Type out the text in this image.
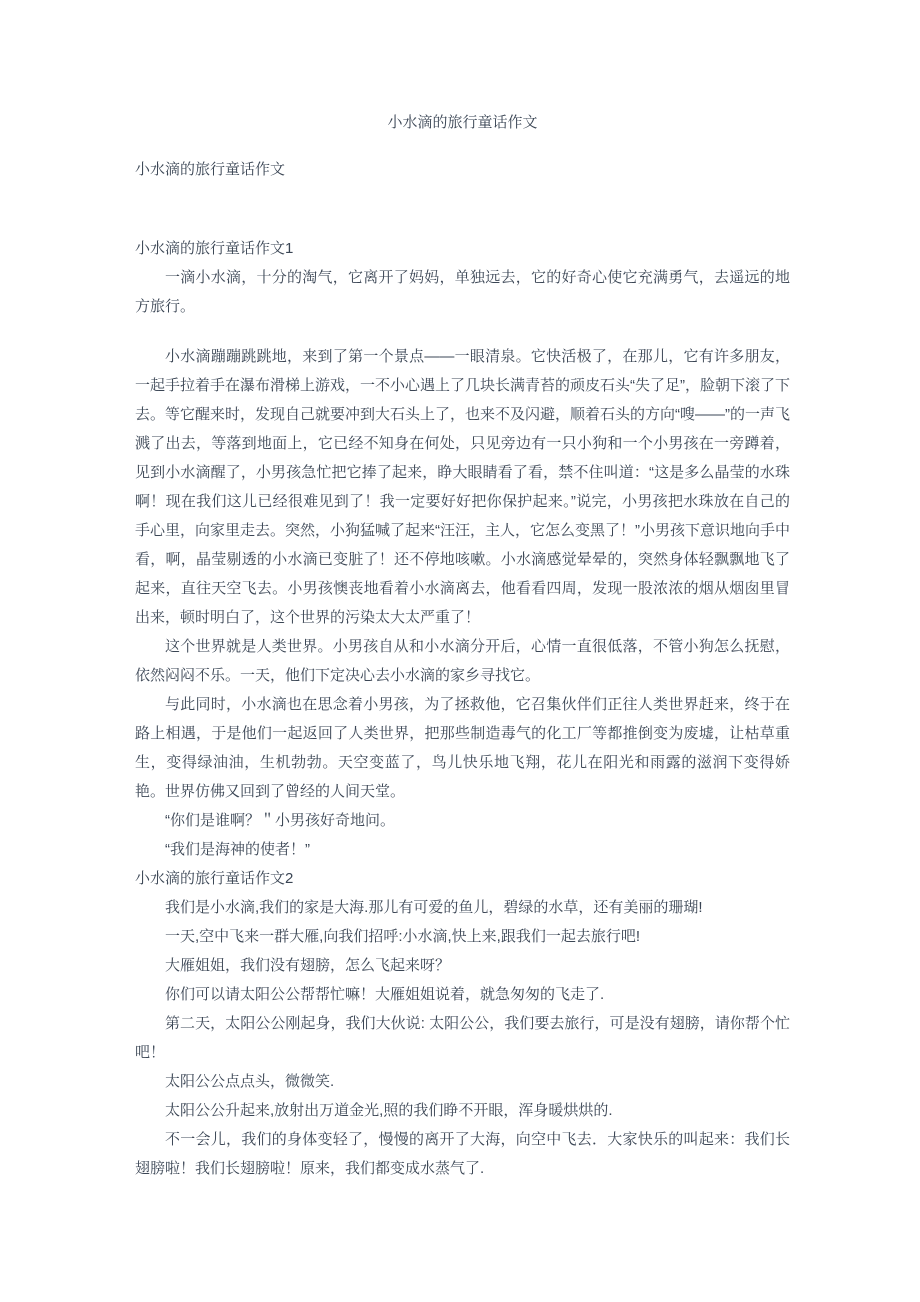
小水滴的旅行童话作文

小水滴的旅行童话作文

小水滴的旅行童话作文1

一滴小水滴，十分的淘气，它离开了妈妈，单独远去，它的好奇心使它充满勇气，去遥远的地方旅行。

小水滴蹦蹦跳跳地，来到了第一个景点——一眼清泉。它快活极了，在那儿，它有许多朋友，一起手拉着手在瀑布滑梯上游戏，一不小心遇上了几块长满青苔的顽皮石头“失了足”，脸朝下滚了下去。等它醒来时，发现自己就要冲到大石头上了，也来不及闪避，顺着石头的方向“嗖——”的一声飞溅了出去，等落到地面上，它已经不知身在何处，只见旁边有一只小狗和一个小男孩在一旁蹲着，见到小水滴醒了，小男孩急忙把它捧了起来，睁大眼睛看了看，禁不住叫道：“这是多么晶莹的水珠啊！现在我们这儿已经很难见到了！我一定要好好把你保护起来。”说完，小男孩把水珠放在自己的手心里，向家里走去。突然，小狗猛喊了起来“汪汪，主人，它怎么变黑了！”小男孩下意识地向手中看，啊，晶莹剔透的小水滴已变脏了！还不停地咳嗽。小水滴感觉晕晕的，突然身体轻飘飘地飞了起来，直往天空飞去。小男孩懊丧地看着小水滴离去，他看看四周，发现一股浓浓的烟从烟囱里冒出来，顿时明白了，这个世界的污染太大太严重了！

这个世界就是人类世界。小男孩自从和小水滴分开后，心情一直很低落，不管小狗怎么抚慰，依然闷闷不乐。一天，他们下定决心去小水滴的家乡寻找它。

与此同时，小水滴也在思念着小男孩，为了拯救他，它召集伙伴们正往人类世界赶来，终于在路上相遇，于是他们一起返回了人类世界，把那些制造毒气的化工厂等都推倒变为废墟，让枯草重生，变得绿油油，生机勃勃。天空变蓝了，鸟儿快乐地飞翔，花儿在阳光和雨露的滋润下变得娇艳。世界仿佛又回到了曾经的人间天堂。

“你们是谁啊？＂小男孩好奇地问。

“我们是海神的使者！”

小水滴的旅行童话作文2

我们是小水滴,我们的家是大海.那儿有可爱的鱼儿，碧绿的水草，还有美丽的珊瑚!

一天,空中飞来一群大雁,向我们招呼:小水滴,快上来,跟我们一起去旅行吧!

大雁姐姐，我们没有翅膀，怎么飞起来呀？

你们可以请太阳公公帮帮忙嘛！大雁姐姐说着，就急匆匆的飞走了.

第二天，太阳公公刚起身，我们大伙说: 太阳公公，我们要去旅行，可是没有翅膀，请你帮个忙吧！

太阳公公点点头，微微笑.

太阳公公升起来,放射出万道金光,照的我们睁不开眼，浑身暖烘烘的.

不一会儿，我们的身体变轻了，慢慢的离开了大海，向空中飞去．大家快乐的叫起来：我们长翅膀啦！我们长翅膀啦！原来，我们都变成水蒸气了.
